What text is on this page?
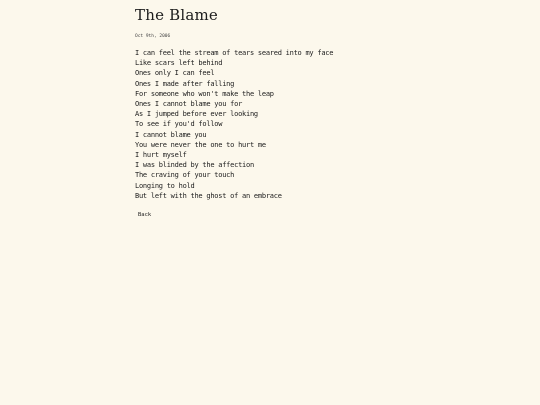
The Blame
Oct 9th, 2006
I can feel the stream of tears seared into my face
Like scars left behind
Ones only I can feel
Ones I made after falling
For someone who won't make the leap
Ones I cannot blame you for
As I jumped before ever looking
To see if you'd follow
I cannot blame you
You were never the one to hurt me
I hurt myself
I was blinded by the affection
The craving of your touch
Longing to hold
But left with the ghost of an embrace
Back
